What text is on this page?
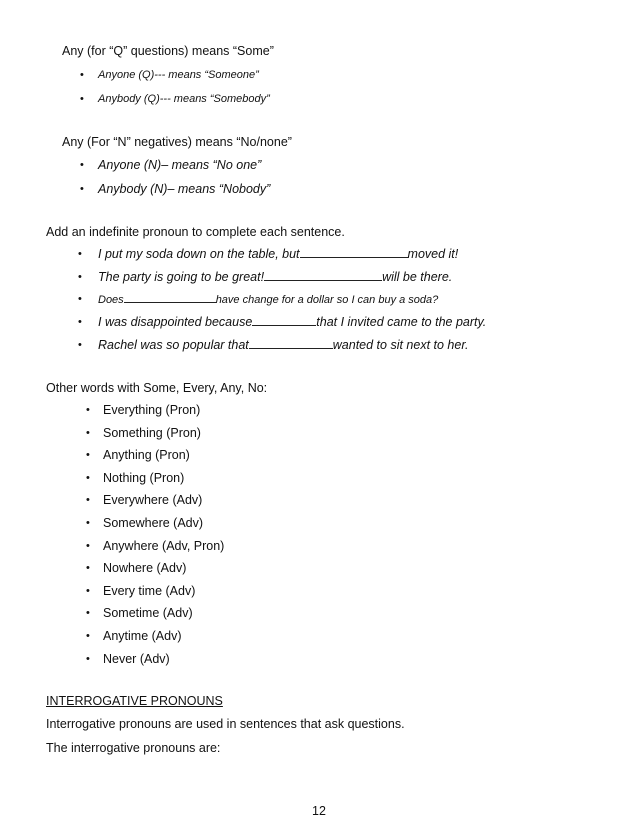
Any (for “Q” questions) means “Some”
• Anyone (Q)--- means “Someone”
• Anybody (Q)--- means “Somebody”
Any (For “N” negatives) means “No/none”
• Anyone (N)– means “No one”
• Anybody (N)– means “Nobody”
Add an indefinite pronoun to complete each sentence.
• I put my soda down on the table, but	moved it!
• The party is going to be great!	will be there.
• Does	have change for a dollar so I can buy a soda?
• I was disappointed because	that I invited came to the party.
• Rachel was so popular that	wanted to sit next to her.
Other words with Some, Every, Any, No:
• Everything (Pron)
• Something (Pron)
• Anything (Pron)
• Nothing (Pron)
• Everywhere (Adv)
• Somewhere (Adv)
• Anywhere (Adv, Pron)
• Nowhere (Adv)
• Every time (Adv)
• Sometime (Adv)
• Anytime (Adv)
• Never (Adv)
INTERROGATIVE PRONOUNS
Interrogative pronouns are used in sentences that ask questions.
The interrogative pronouns are:
12
